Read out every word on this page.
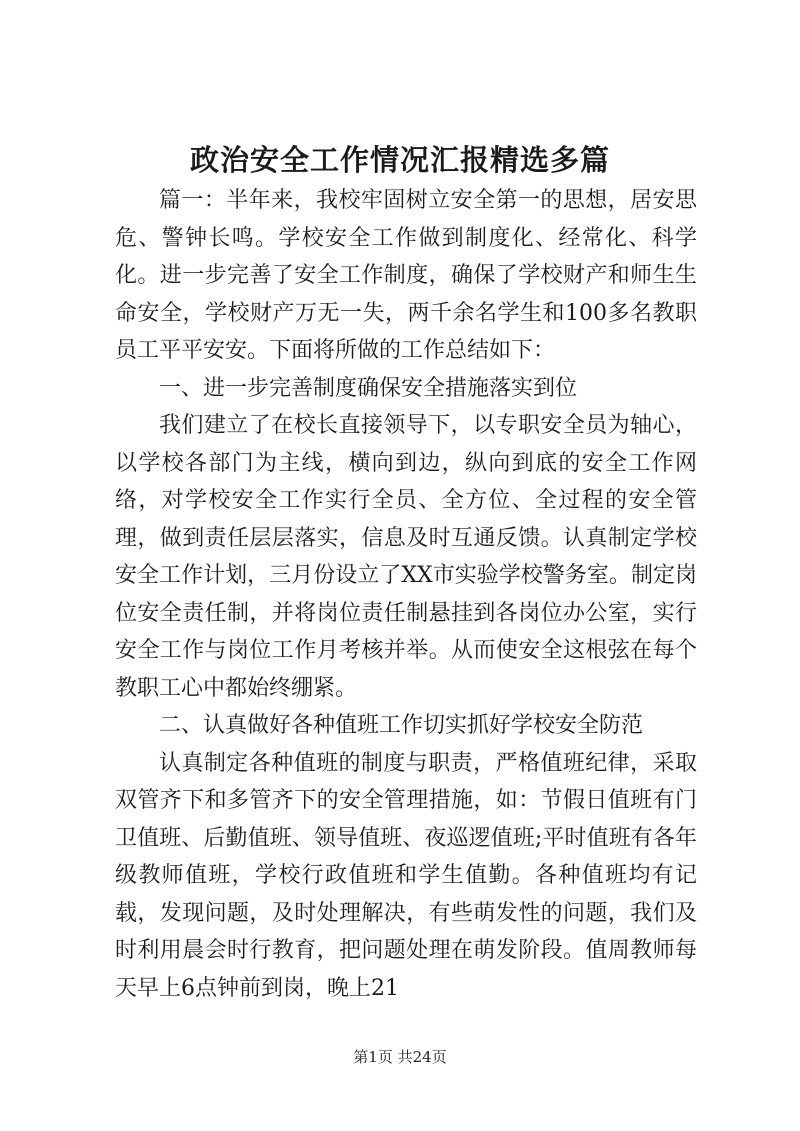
政治安全工作情况汇报精选多篇

篇一：半年来，我校牢固树立安全第一的思想，居安思危、警钟长鸣。学校安全工作做到制度化、经常化、科学化。进一步完善了安全工作制度，确保了学校财产和师生生命安全，学校财产万无一失，两千余名学生和100多名教职员工平平安安。下面将所做的工作总结如下：

一、进一步完善制度确保安全措施落实到位

我们建立了在校长直接领导下，以专职安全员为轴心，以学校各部门为主线，横向到边，纵向到底的安全工作网络，对学校安全工作实行全员、全方位、全过程的安全管理，做到责任层层落实，信息及时互通反馈。认真制定学校安全工作计划，三月份设立了XX市实验学校警务室。制定岗位安全责任制，并将岗位责任制悬挂到各岗位办公室，实行安全工作与岗位工作月考核并举。从而使安全这根弦在每个教职工心中都始终绷紧。

二、认真做好各种值班工作切实抓好学校安全防范

认真制定各种值班的制度与职责，严格值班纪律，采取双管齐下和多管齐下的安全管理措施，如：节假日值班有门卫值班、后勤值班、领导值班、夜巡逻值班;平时值班有各年级教师值班，学校行政值班和学生值勤。各种值班均有记载，发现问题，及时处理解决，有些萌发性的问题，我们及时利用晨会时行教育，把问题处理在萌发阶段。值周教师每天早上6点钟前到岗，晚上21

第1页 共24页
